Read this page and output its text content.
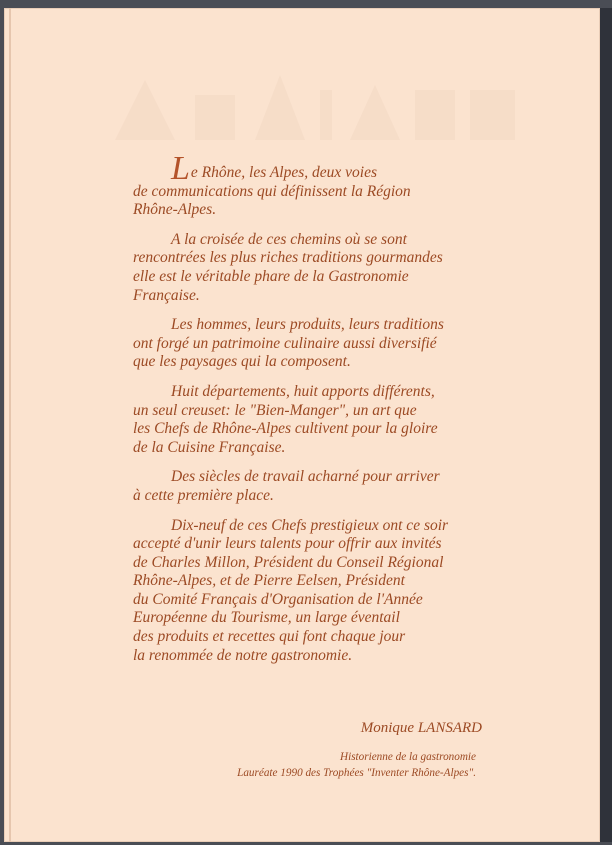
Le Rhône, les Alpes, deux voies
de communications qui définissent la Région
Rhône-Alpes.

A la croisée de ces chemins où se sont
rencontrées les plus riches traditions gourmandes
elle est le véritable phare de la Gastronomie
Française.

Les hommes, leurs produits, leurs traditions
ont forgé un patrimoine culinaire aussi diversifié
que les paysages qui la composent.

Huit départements, huit apports différents,
un seul creuset: le "Bien-Manger", un art que
les Chefs de Rhône-Alpes cultivent pour la gloire
de la Cuisine Française.

Des siècles de travail acharné pour arriver
à cette première place.

Dix-neuf de ces Chefs prestigieux ont ce soir
accepté d'unir leurs talents pour offrir aux invités
de Charles Millon, Président du Conseil Régional
Rhône-Alpes, et de Pierre Eelsen, Président
du Comité Français d'Organisation de l'Année
Européenne du Tourisme, un large éventail
des produits et recettes qui font chaque jour
la renommée de notre gastronomie.

Monique LANSARD
Historienne de la gastronomie
Lauréate 1990 des Trophées "Inventer Rhône-Alpes".
